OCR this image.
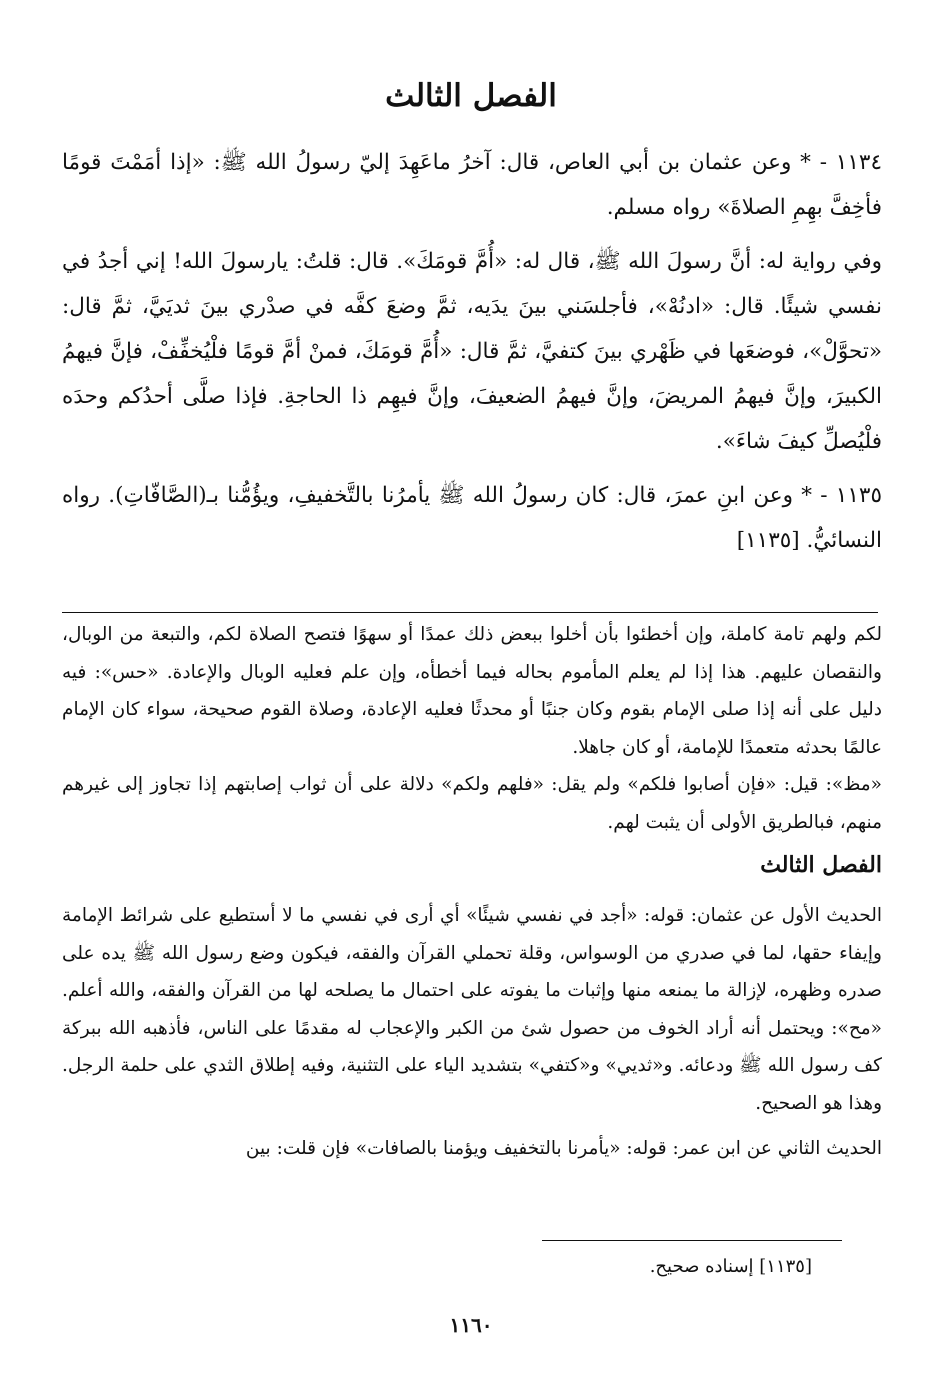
الفصل الثالث

١١٣٤ - * وعن عثمان بن أبي العاص، قال: آخرُ ماعَهِدَ إليّ رسولُ الله ﷺ: «إذا أمَمْتَ قومًا فأخِفَّ بهِمِ الصلاةَ» رواه مسلم.

وفي رواية له: أنَّ رسولَ الله ﷺ، قال له: «أُمَّ قومَكَ». قال: قلتُ: يارسولَ الله! إني أجدُ في نفسي شيئًا. قال: «ادنُهْ»، فأجلسَني بينَ يدَيه، ثمَّ وضعَ كفَّه في صدْري بينَ ثديَيَّ، ثمَّ قال: «تحوَّلْ»، فوضعَها في ظَهْري بينَ كتفيَّ، ثمَّ قال: «أُمَّ قومَكَ، فمنْ أمَّ قومًا فلْيُخفِّفْ، فإنَّ فيهمُ الكبيرَ، وإنَّ فيهمُ المريضَ، وإنَّ فيهمُ الضعيفَ، وإنَّ فيهِم ذا الحاجةِ. فإذا صلَّى أحدُكم وحدَه فلْيُصلِّ كيفَ شاءَ».

١١٣٥ - * وعن ابنِ عمرَ، قال: كان رسولُ الله ﷺ يأمرُنا بالتَّخفيفِ، ويؤُمُّنا بـ(الصَّافّاتِ). رواه النسائيُّ. [١١٣٥]

لكم ولهم تامة كاملة، وإن أخطئوا بأن أخلوا ببعض ذلك عمدًا أو سهوًا فتصح الصلاة لكم، والتبعة من الوبال، والنقصان عليهم. هذا إذا لم يعلم المأموم بحاله فيما أخطأه، وإن علم فعليه الوبال والإعادة. «حس»: فيه دليل على أنه إذا صلى الإمام بقوم وكان جنبًا أو محدثًا فعليه الإعادة، وصلاة القوم صحيحة، سواء كان الإمام عالمًا بحدثه متعمدًا للإمامة، أو كان جاهلا.

«مظ»: قيل: «فإن أصابوا فلكم» ولم يقل: «فلهم ولكم» دلالة على أن ثواب إصابتهم إذا تجاوز إلى غيرهم منهم، فبالطريق الأولى أن يثبت لهم.

الفصل الثالث

الحديث الأول عن عثمان: قوله: «أجد في نفسي شيئًا» أي أرى في نفسي ما لا أستطيع على شرائط الإمامة وإيفاء حقها، لما في صدري من الوسواس، وقلة تحملي القرآن والفقه، فيكون وضع رسول الله ﷺ يده على صدره وظهره، لإزالة ما يمنعه منها وإثبات ما يفوته على احتمال ما يصلحه لها من القرآن والفقه، والله أعلم. «مح»: ويحتمل أنه أراد الخوف من حصول شئ من الكبر والإعجاب له مقدمًا على الناس، فأذهبه الله ببركة كف رسول الله ﷺ ودعائه. و«ثديي» و«كتفي» بتشديد الياء على التثنية، وفيه إطلاق الثدي على حلمة الرجل. وهذا هو الصحيح.

الحديث الثاني عن ابن عمر: قوله: «يأمرنا بالتخفيف ويؤمنا بالصافات» فإن قلت: بين

[١١٣٥] إسناده صحيح.

١١٦٠
